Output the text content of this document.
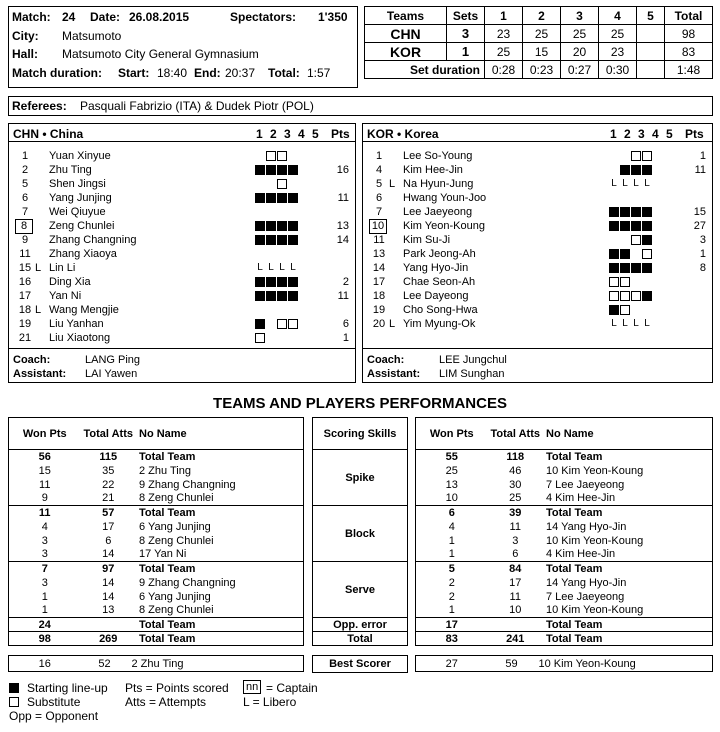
Match: 24 Date: 26.08.2015	Spectators: 1'350
City: Matsumoto
Hall: Matsumoto City General Gymnasium
Match duration: Start: 18:40 End: 20:37 Total: 1:57
Teams	Sets	1	2	3	4	5	Total
CHN	3	23	25	25	25		98
KOR	1	25	15	20	23		83
Set duration		0:28	0:23	0:27	0:30		1:48
Referees: Pasquali Fabrizio (ITA) & Dudek Piotr (POL)
CHN • China	1 2 3 4 5 Pts
1	Yuan Xinyue
2	Zhu Ting	16
5	Shen Jingsi
6	Yang Junjing	11
7	Wei Qiuyue
8	Zeng Chunlei	13
9	Zhang Changning	14
11 Zhang Xiaoya
15 L Lin Li	L L L L
16 Ding Xia	2
17 Yan Ni	11
18 L Wang Mengjie
19 Liu Yanhan	6
21 Liu Xiaotong	1
Coach:	LANG Ping
Assistant: LAI Yawen
KOR • Korea	1 2 3 4 5 Pts
1	Lee So-Young	1
4	Kim Hee-Jin	11
5 L Na Hyun-Jung	L L L L
6	Hwang Youn-Joo
7	Lee Jaeyeong	15
10 Kim Yeon-Koung	27
11 Kim Su-Ji	3
13 Park Jeong-Ah	1
14 Yang Hyo-Jin	8
17 Chae Seon-Ah
18 Lee Dayeong
19 Cho Song-Hwa
20 L Yim Myung-Ok	L L L L
Coach:	LEE Jungchul
Assistant: LIM Sunghan
TEAMS AND PLAYERS PERFORMANCES
Won Pts	Total Atts	No Name
56	115	Total Team
15	35	2 Zhu Ting
11	22	9 Zhang Changning
9	21	8 Zeng Chunlei
11	57	Total Team
4	17	6 Yang Junjing
3	6	8 Zeng Chunlei
3	14	17 Yan Ni
7	97	Total Team
3	14	9 Zhang Changning
1	14	6 Yang Junjing
1	13	8 Zeng Chunlei
24		Total Team
98	269	Total Team
Scoring Skills
Spike
Block
Serve
Opp. error
Total
Won Pts	Total Atts	No Name
55	118	Total Team
25	46	10 Kim Yeon-Koung
13	30	7 Lee Jaeyeong
10	25	4 Kim Hee-Jin
6	39	Total Team
4	11	14 Yang Hyo-Jin
1	3	10 Kim Yeon-Koung
1	6	4 Kim Hee-Jin
5	84	Total Team
2	17	14 Yang Hyo-Jin
2	11	7 Lee Jaeyeong
1	10	10 Kim Yeon-Koung
17		Total Team
83	241	Total Team
Starting line-up
Substitute
Opp = Opponent
Pts = Points scored
Atts = Attempts
nn = Captain
L = Libero
16	52	2 Zhu Ting	27	59	10 Kim Yeon-Koung
Best Scorer
